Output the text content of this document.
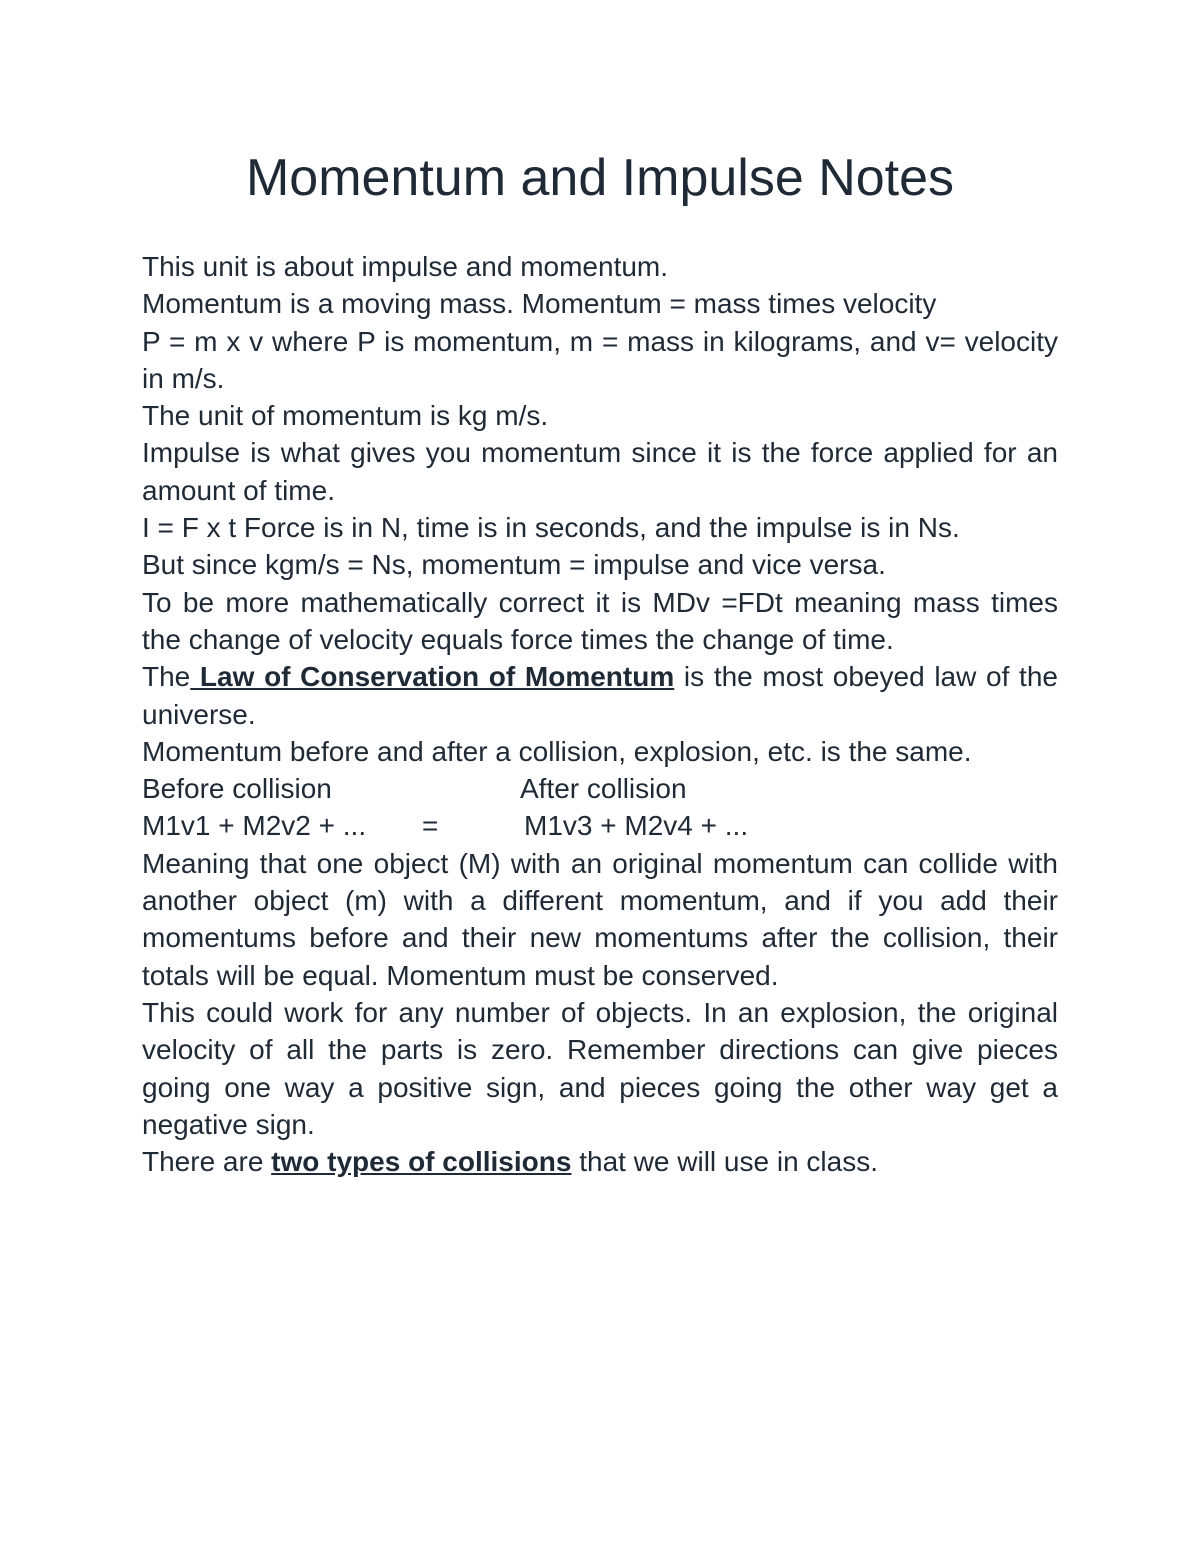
Momentum and Impulse Notes

This unit is about impulse and momentum.

Momentum is a moving mass. Momentum = mass times velocity

P = m x v where P is momentum, m = mass in kilograms, and v= velocity in m/s.

The unit of momentum is kg m/s.

Impulse is what gives you momentum since it is the force applied for an amount of time.

I = F x t Force is in N, time is in seconds, and the impulse is in Ns.

But since kgm/s = Ns, momentum = impulse and vice versa.

To be more mathematically correct it is MDv =FDt meaning mass times the change of velocity equals force times the change of time.

The Law of Conservation of Momentum is the most obeyed law of the universe.

Momentum before and after a collision, explosion, etc. is the same.

Before collision	After collision
M1v1 + M2v2 + ...	=	M1v3 + M2v4 + ...

Meaning that one object (M) with an original momentum can collide with another object (m) with a different momentum, and if you add their momentums before and their new momentums after the collision, their totals will be equal. Momentum must be conserved.

This could work for any number of objects. In an explosion, the original velocity of all the parts is zero. Remember directions can give pieces going one way a positive sign, and pieces going the other way get a negative sign.

There are two types of collisions that we will use in class.
